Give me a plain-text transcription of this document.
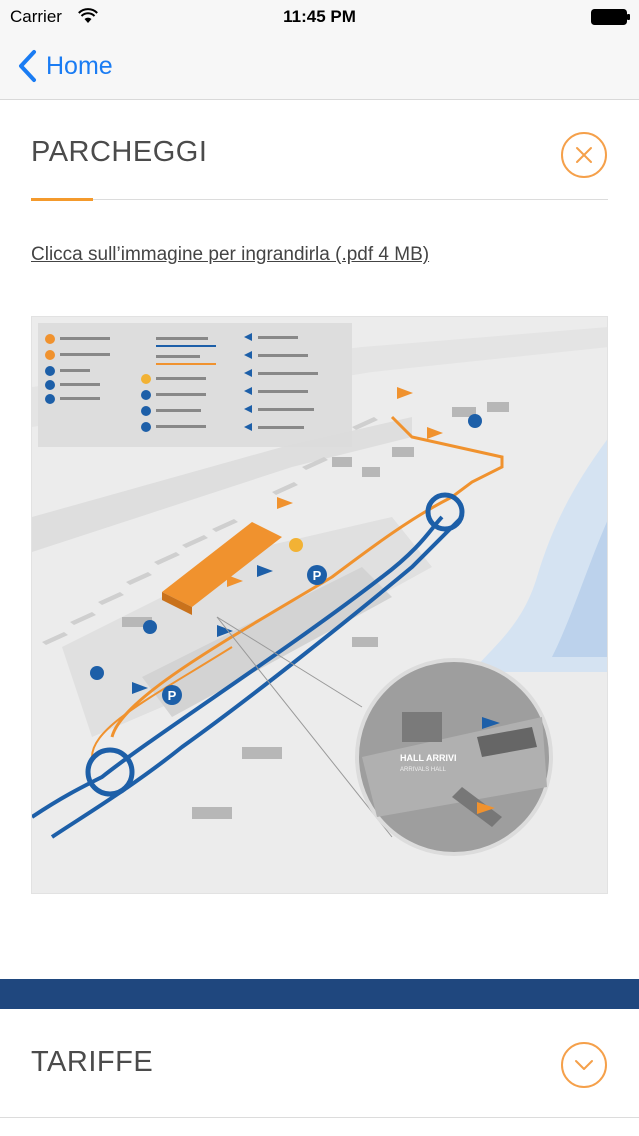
Carrier	11:45 PM
Home
PARCHEGGI
Clicca sull’immagine per ingrandirla (.pdf 4 MB)
P
P
HALL ARRIVI
ARRIVALS HALL
TARIFFE
